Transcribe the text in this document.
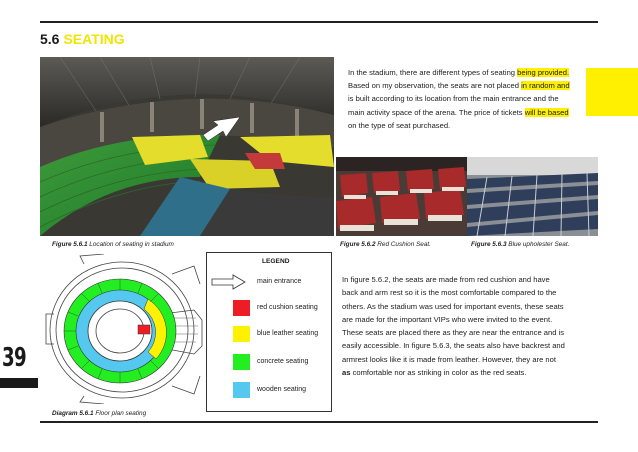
5.6 SEATING
In the stadium, there are different types of seating being provided.
Based on my observation, the seats are not placed in random and
is built according to its location from the main entrance and the
main activity space of the arena. The price of tickets will be based
on the type of seat purchased.
Figure 5.6.1 Location of seating in stadium	Figure 5.6.2 Red Cushion Seat.	Figure 5.6.3 Blue upholester Seat.
Diagram 5.6.1 Floor plan seating
LEGEND
main entrance
red cushion seating
blue leather seating
concrete seating
wooden seating
In figure 5.6.2, the seats are made from red cushion and have
back and arm rest so it is the most comfortable compared to the
others. As the stadium was used for important events, these seats
are made for the important VIPs who were invited to the event.
These seats are placed there as they are near the entrance and is
easily accessible. In figure 5.6.3, the seats also have backrest and
armrest looks like it is made from leather. However, they are not
as comfortable nor as striking in color as the red seats.
39
